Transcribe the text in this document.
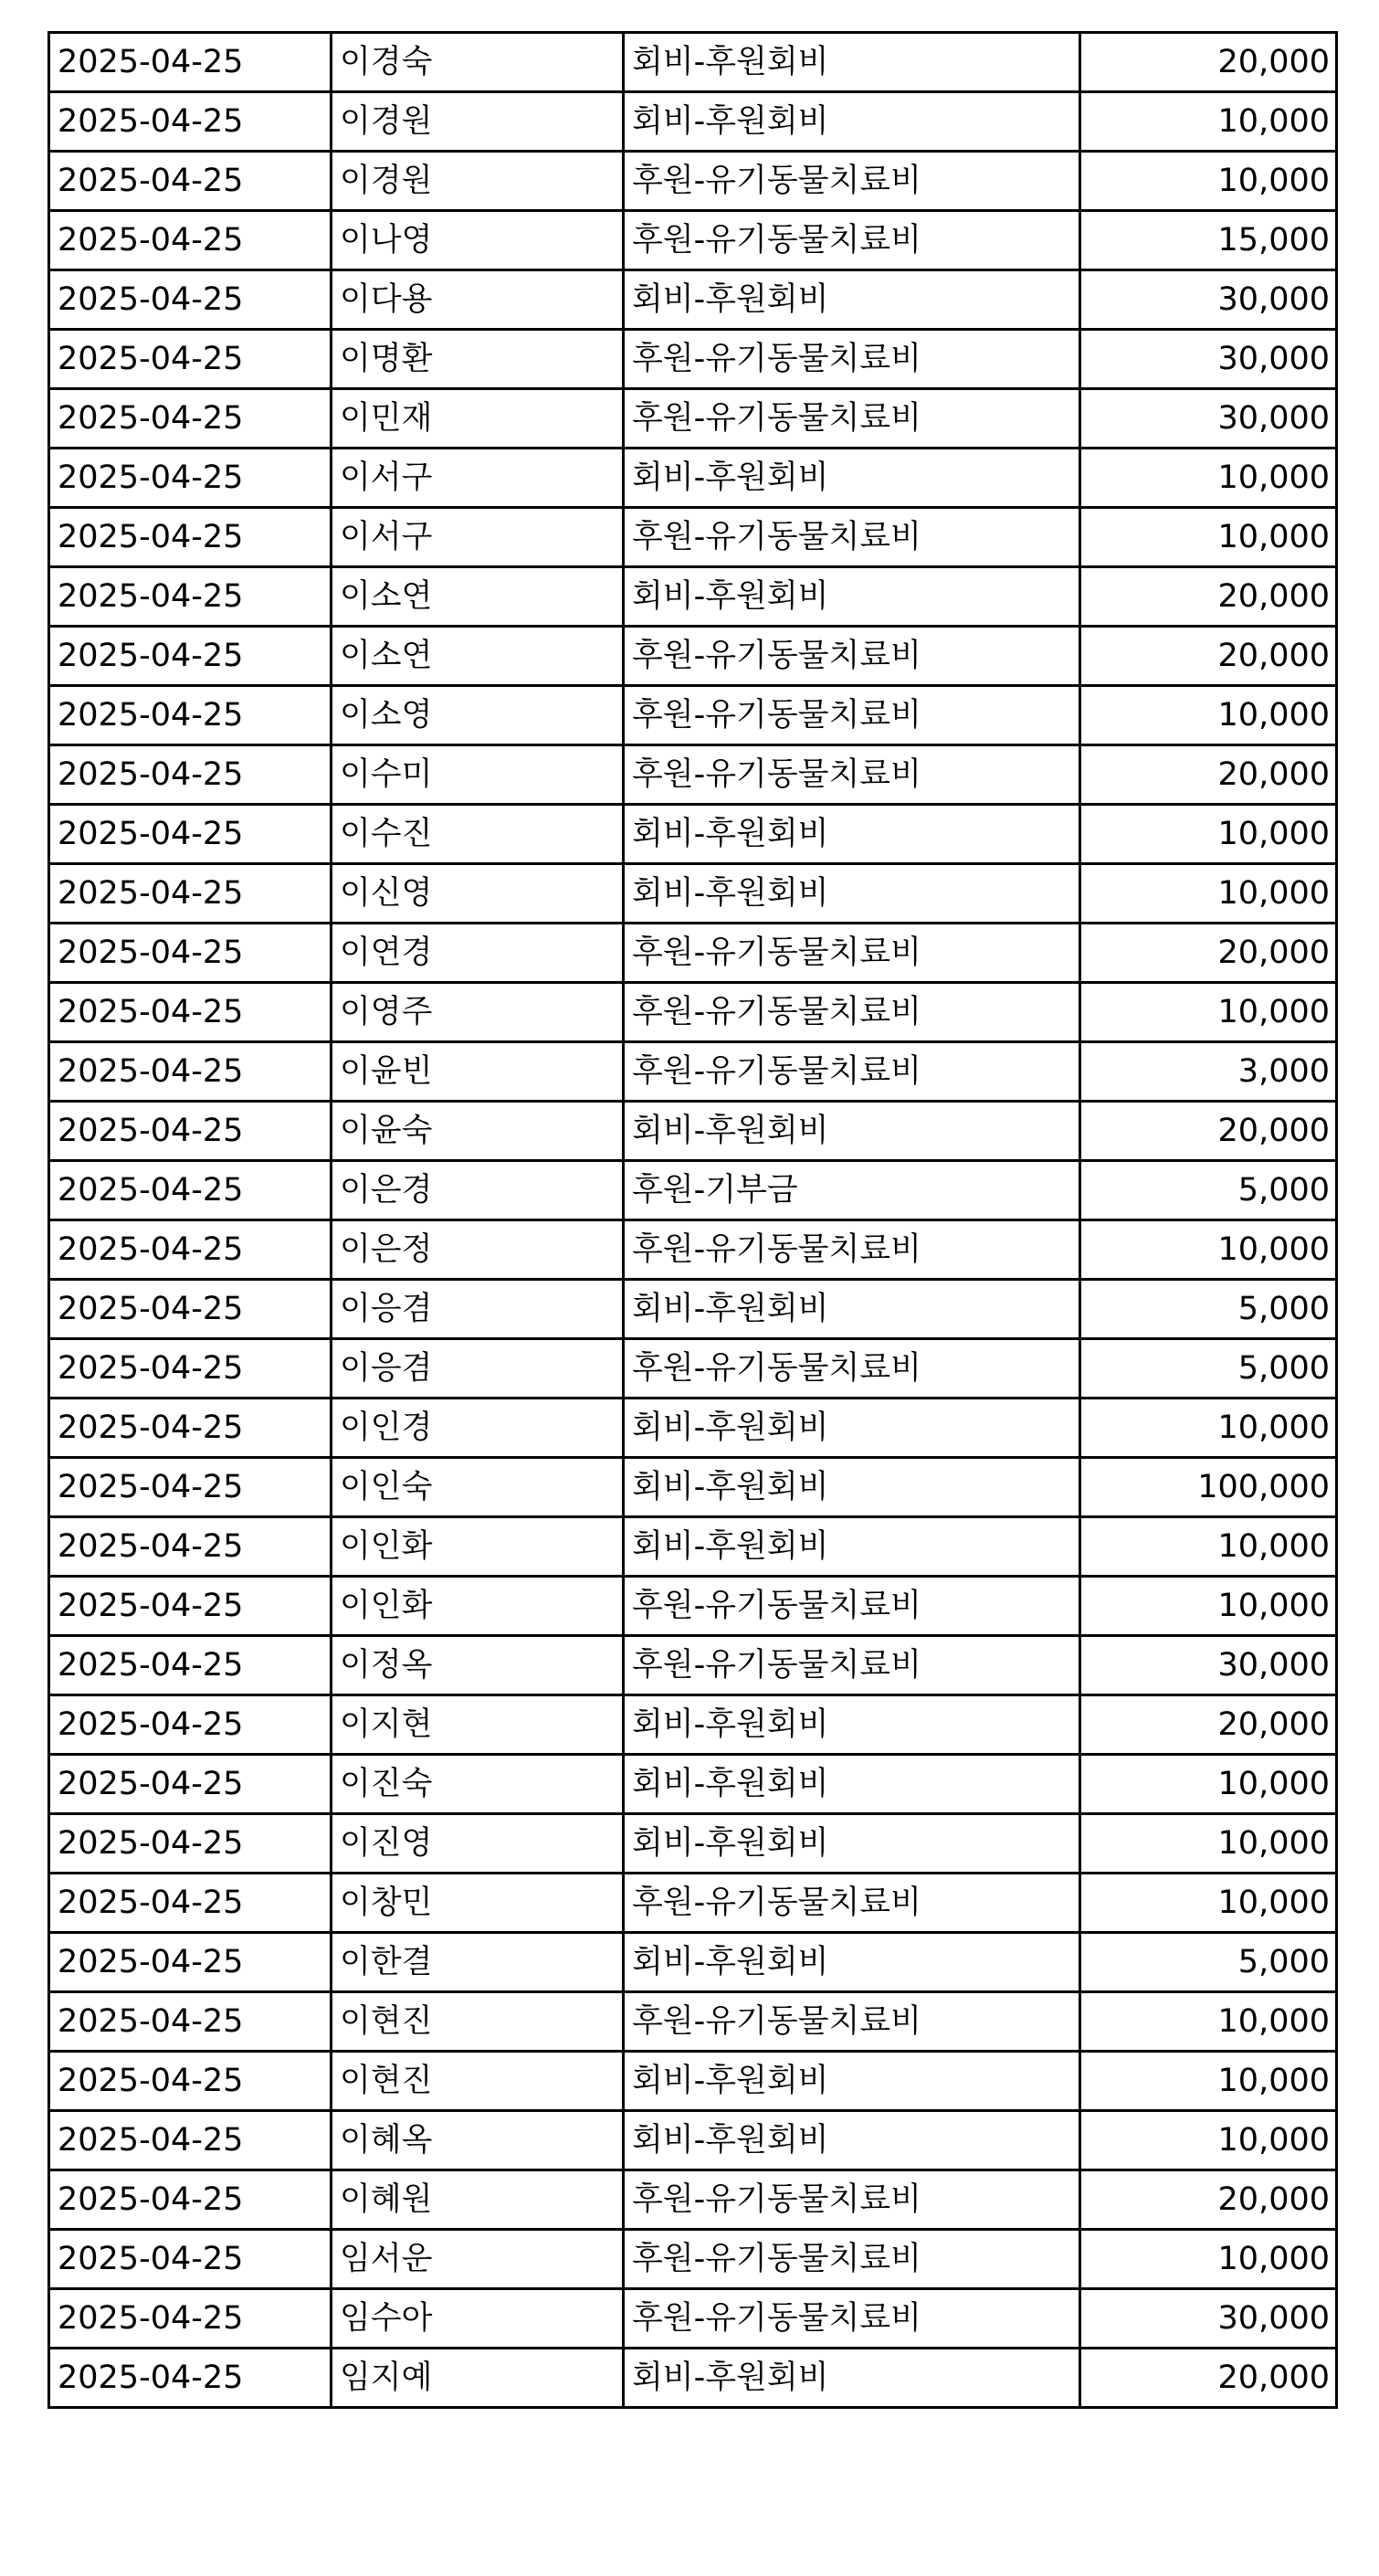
2025-04-25	이경숙	회비-후원회비	20,000
2025-04-25	이경원	회비-후원회비	10,000
2025-04-25	이경원	후원-유기동물치료비	10,000
2025-04-25	이나영	후원-유기동물치료비	15,000
2025-04-25	이다용	회비-후원회비	30,000
2025-04-25	이명환	후원-유기동물치료비	30,000
2025-04-25	이민재	후원-유기동물치료비	30,000
2025-04-25	이서구	회비-후원회비	10,000
2025-04-25	이서구	후원-유기동물치료비	10,000
2025-04-25	이소연	회비-후원회비	20,000
2025-04-25	이소연	후원-유기동물치료비	20,000
2025-04-25	이소영	후원-유기동물치료비	10,000
2025-04-25	이수미	후원-유기동물치료비	20,000
2025-04-25	이수진	회비-후원회비	10,000
2025-04-25	이신영	회비-후원회비	10,000
2025-04-25	이연경	후원-유기동물치료비	20,000
2025-04-25	이영주	후원-유기동물치료비	10,000
2025-04-25	이윤빈	후원-유기동물치료비	3,000
2025-04-25	이윤숙	회비-후원회비	20,000
2025-04-25	이은경	후원-기부금	5,000
2025-04-25	이은정	후원-유기동물치료비	10,000
2025-04-25	이응겸	회비-후원회비	5,000
2025-04-25	이응겸	후원-유기동물치료비	5,000
2025-04-25	이인경	회비-후원회비	10,000
2025-04-25	이인숙	회비-후원회비	100,000
2025-04-25	이인화	회비-후원회비	10,000
2025-04-25	이인화	후원-유기동물치료비	10,000
2025-04-25	이정옥	후원-유기동물치료비	30,000
2025-04-25	이지현	회비-후원회비	20,000
2025-04-25	이진숙	회비-후원회비	10,000
2025-04-25	이진영	회비-후원회비	10,000
2025-04-25	이창민	후원-유기동물치료비	10,000
2025-04-25	이한결	회비-후원회비	5,000
2025-04-25	이현진	후원-유기동물치료비	10,000
2025-04-25	이현진	회비-후원회비	10,000
2025-04-25	이혜옥	회비-후원회비	10,000
2025-04-25	이혜원	후원-유기동물치료비	20,000
2025-04-25	임서운	후원-유기동물치료비	10,000
2025-04-25	임수아	후원-유기동물치료비	30,000
2025-04-25	임지예	회비-후원회비	20,000
